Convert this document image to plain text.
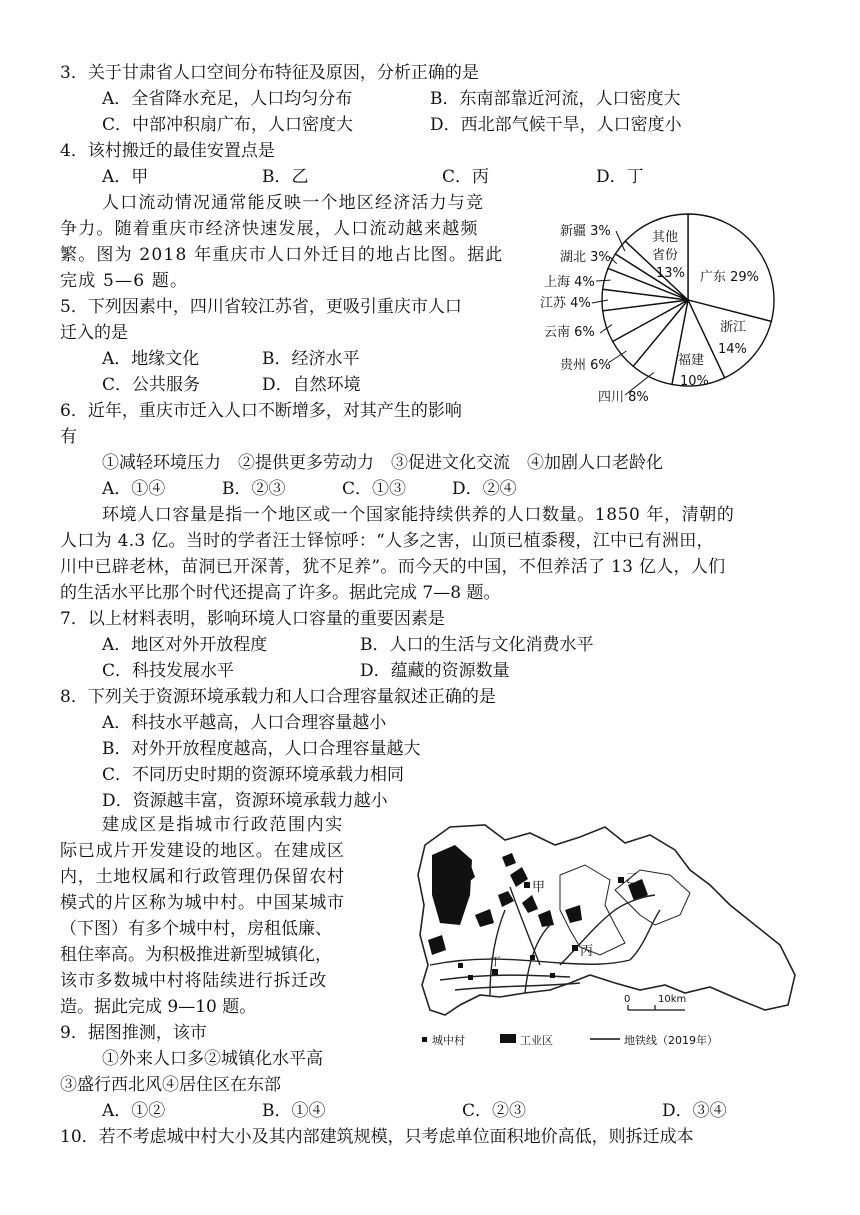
3．关于甘肃省人口空间分布特征及原因，分析正确的是
A．全省降水充足，人口均匀分布	B．东南部靠近河流，人口密度大
C．中部冲积扇广布，人口密度大	D．西北部气候干旱，人口密度小
4．该村搬迁的最佳安置点是
A．甲	B．乙	C．丙	D．丁
人口流动情况通常能反映一个地区经济活力与竞
争力。随着重庆市经济快速发展，人口流动越来越频
繁。图为 2018 年重庆市人口外迁目的地占比图。据此
完成 5—6 题。
5．下列因素中，四川省较江苏省，更吸引重庆市人口
迁入的是
A．地缘文化	B．经济水平
C．公共服务	D．自然环境
6．近年，重庆市迁入人口不断增多，对其产生的影响
有
①减轻环境压力　②提供更多劳动力　③促进文化交流　④加剧人口老龄化
A．①④	B．②③	C．①③	D．②④
环境人口容量是指一个地区或一个国家能持续供养的人口数量。1850 年，清朝的
人口为 4.3 亿。当时的学者汪士铎惊呼：“人多之害，山顶已植黍稷，江中已有洲田，
川中已辟老林，苗洞已开深菁，犹不足养”。而今天的中国，不但养活了 13 亿人，人们
的生活水平比那个时代还提高了许多。据此完成 7—8 题。
7．以上材料表明，影响环境人口容量的重要因素是
A．地区对外开放程度	B．人口的生活与文化消费水平
C．科技发展水平	D．蕴藏的资源数量
8．下列关于资源环境承载力和人口合理容量叙述正确的是
A．科技水平越高，人口合理容量越小
B．对外开放程度越高，人口合理容量越大
C．不同历史时期的资源环境承载力相同
D．资源越丰富，资源环境承载力越小
建成区是指城市行政范围内实
际已成片开发建设的地区。在建成区
内，土地权属和行政管理仍保留农村
模式的片区称为城中村。中国某城市
（下图）有多个城中村，房租低廉、
租住率高。为积极推进新型城镇化，
该市多数城中村将陆续进行拆迁改
造。据此完成 9—10 题。
9．据图推测，该市
①外来人口多②城镇化水平高
③盛行西北风④居住区在东部
A．①②	B．①④	C．②③	D．③④
10．若不考虑城中村大小及其内部建筑规模，只考虑单位面积地价高低，则拆迁成本
广东 29%
浙江
14%
福建
10%
其他
省份
13%
新疆 3%
湖北 3%
上海 4%
江苏 4%
云南 6%
贵州 6%
四川 8%
甲
乙
丙
丁
0	10km
城中村	工业区	地铁线（2019年）
